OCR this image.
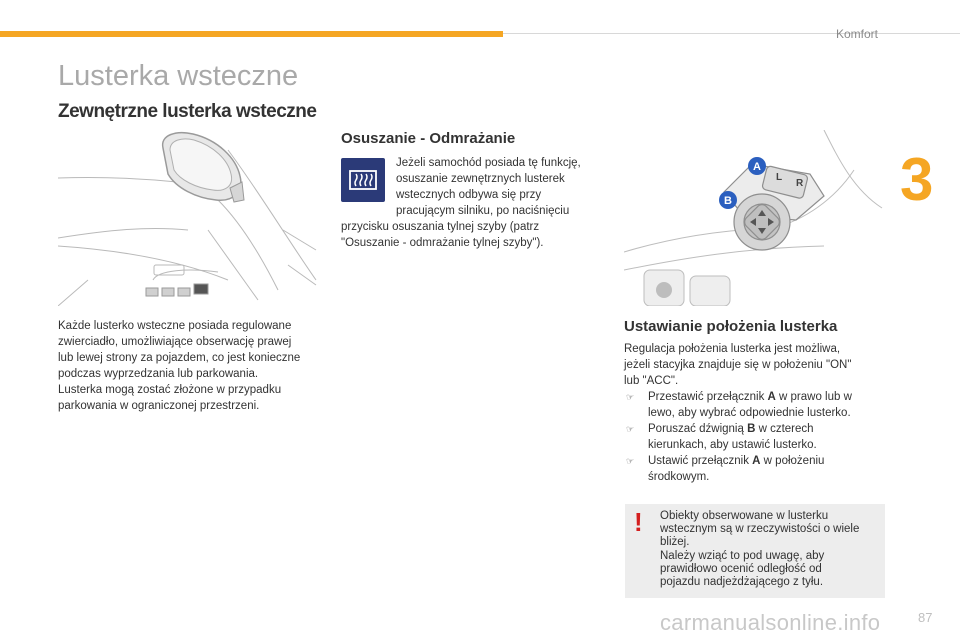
Komfort
3
Lusterka wsteczne
Zewnętrzne lusterka wsteczne
Każde lusterko wsteczne posiada regulowane
zwierciadło, umożliwiające obserwację prawej
lub lewej strony za pojazdem, co jest konieczne
podczas wyprzedzania lub parkowania.
Lusterka mogą zostać złożone w przypadku
parkowania w ograniczonej przestrzeni.
Osuszanie - Odmrażanie
Jeżeli samochód posiada tę funkcję,
osuszanie zewnętrznych lusterek
wstecznych odbywa się przy
pracującym silniku, po naciśnięciu
przycisku osuszania tylnej szyby (patrz
"Osuszanie - odmrażanie tylnej szyby").
A
B
L
R
Ustawianie położenia lusterka
Regulacja położenia lusterka jest możliwa,
jeżeli stacyjka znajduje się w położeniu "ON"
lub "ACC".
☞ Przestawić przełącznik A w prawo lub w
lewo, aby wybrać odpowiednie lusterko.
☞ Poruszać dźwignią B w czterech
kierunkach, aby ustawić lusterko.
☞ Ustawić przełącznik A w położeniu
środkowym.
! Obiekty obserwowane w lusterku
wstecznym są w rzeczywistości o wiele
bliżej.
Należy wziąć to pod uwagę, aby
prawidłowo ocenić odległość od
pojazdu nadjeżdżającego z tyłu.
carmanualsonline.info	87
